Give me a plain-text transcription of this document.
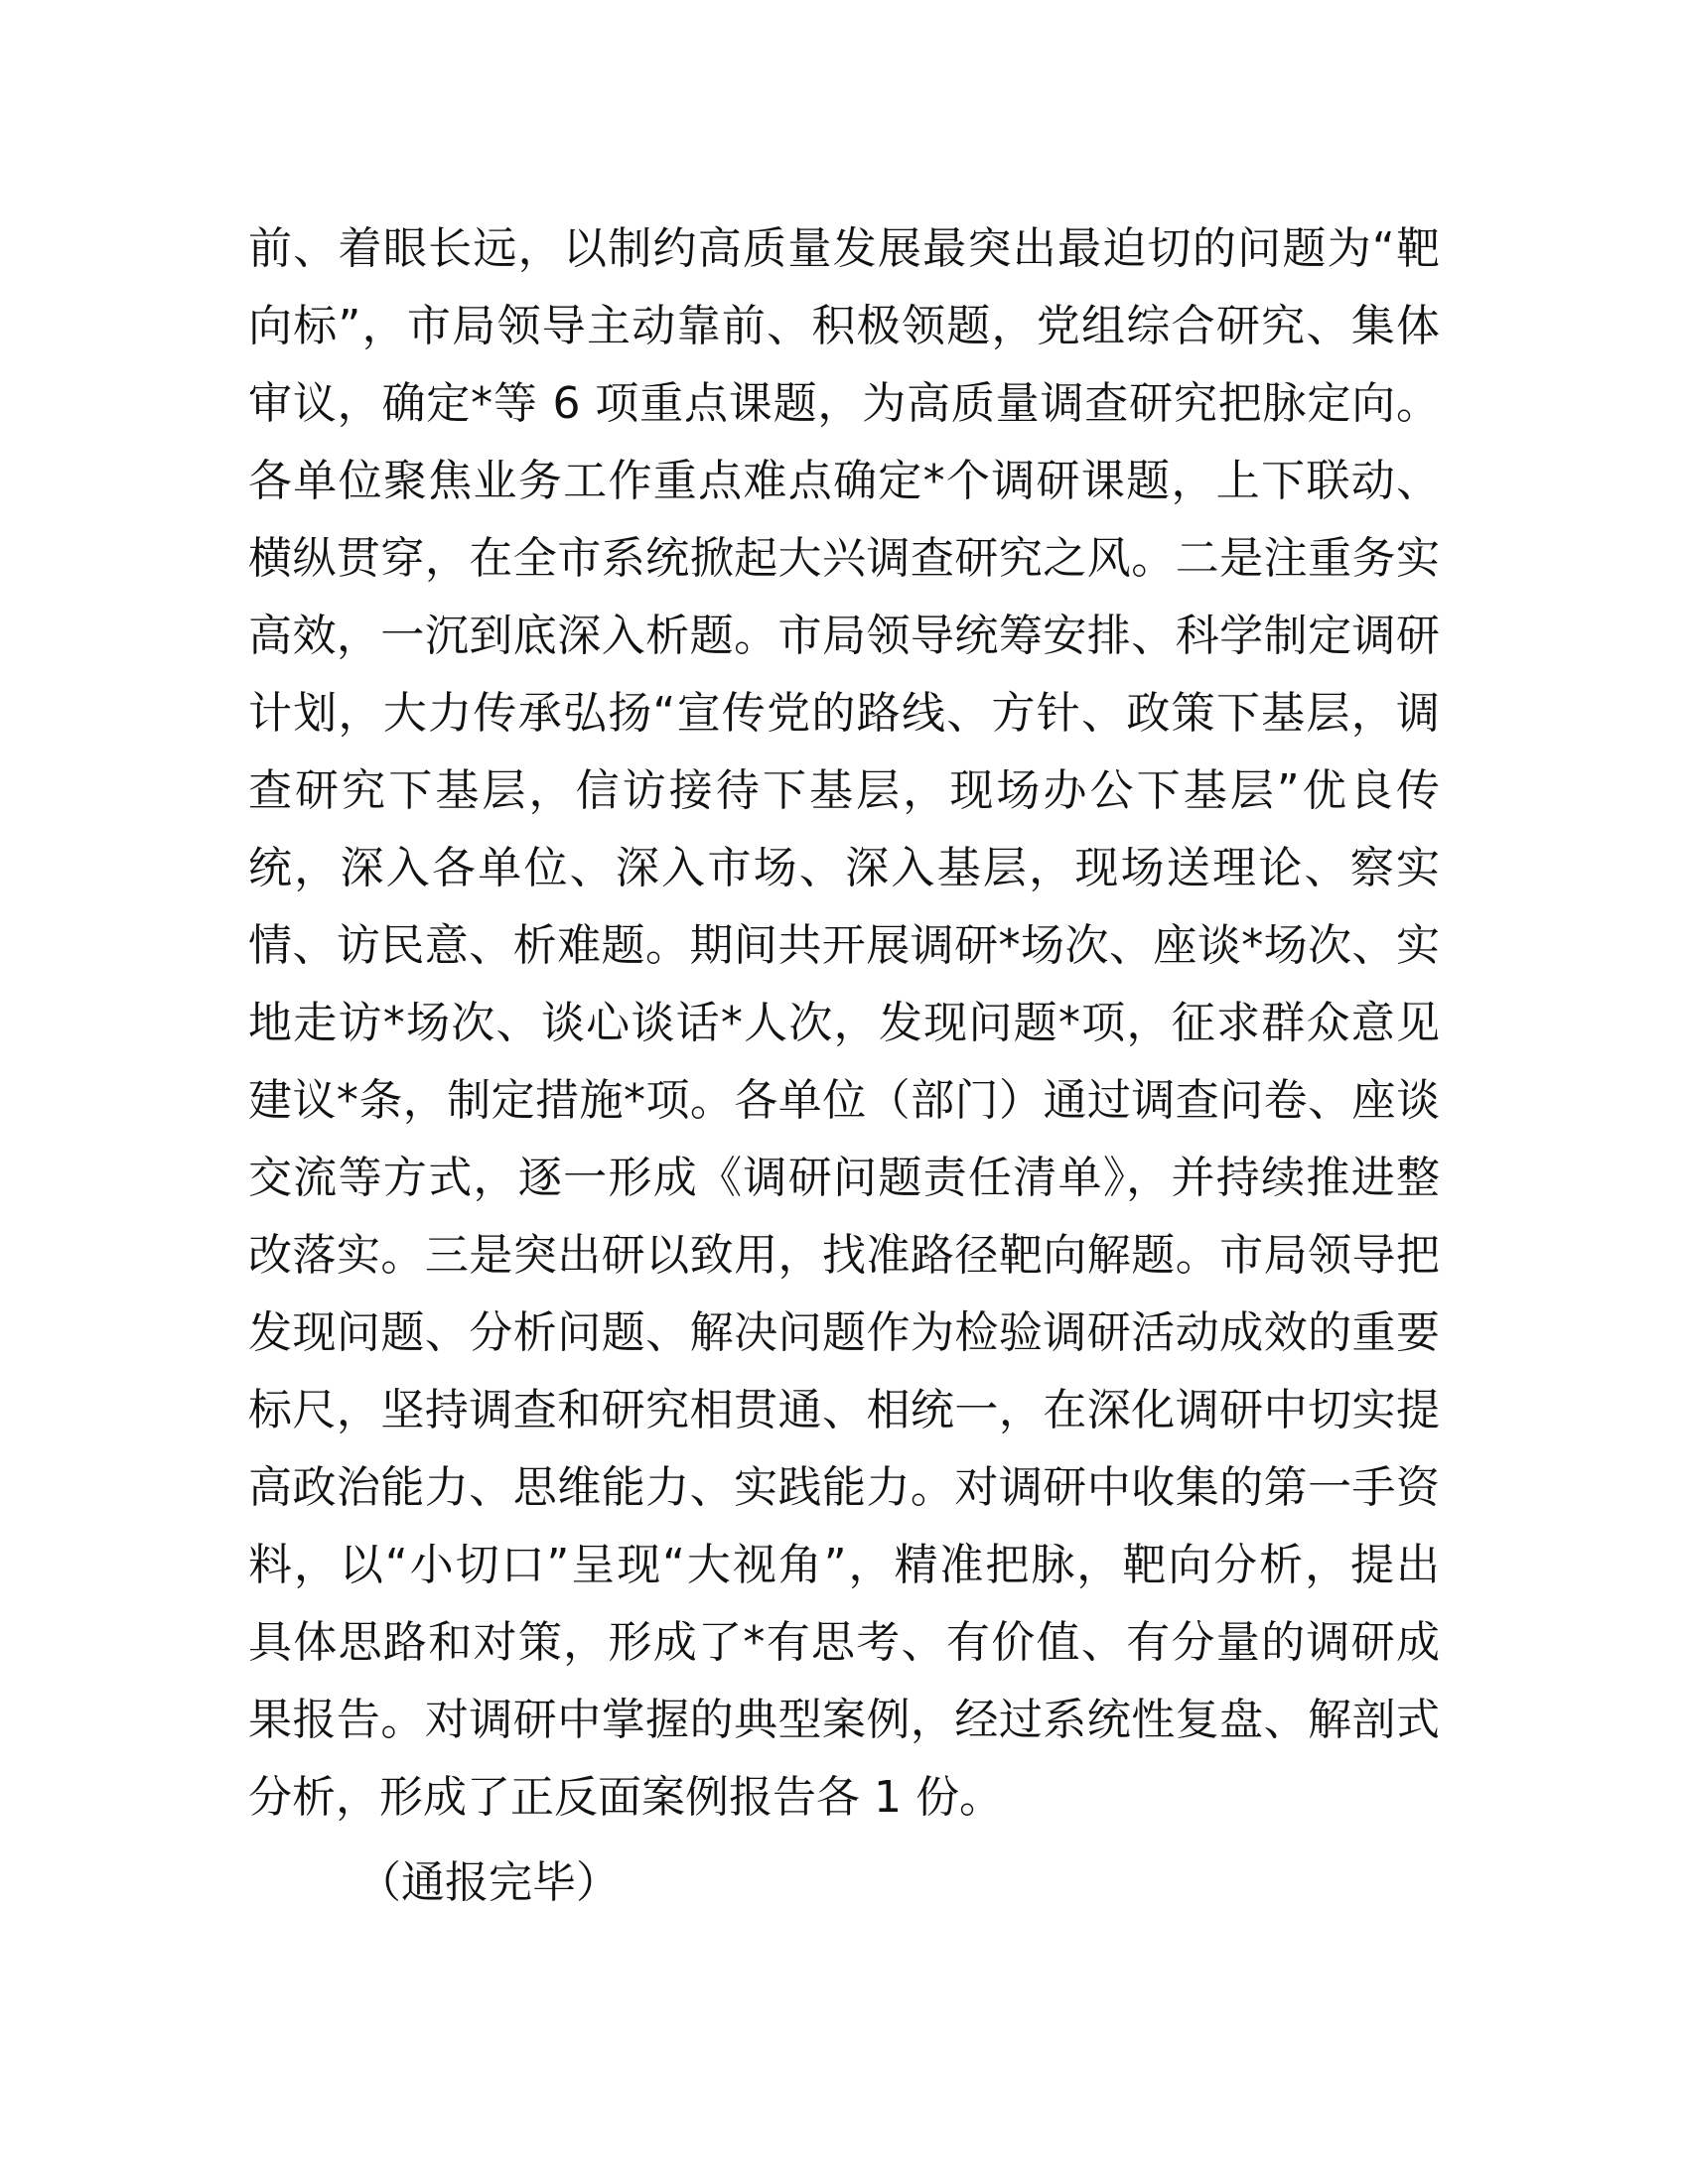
前、着眼长远，以制约高质量发展最突出最迫切的问题为“靶
向标”，市局领导主动靠前、积极领题，党组综合研究、集体
审议，确定*等 6 项重点课题，为高质量调查研究把脉定向。
各单位聚焦业务工作重点难点确定*个调研课题，上下联动、
横纵贯穿，在全市系统掀起大兴调查研究之风。二是注重务实
高效，一沉到底深入析题。市局领导统筹安排、科学制定调研
计划，大力传承弘扬“宣传党的路线、方针、政策下基层，调
查研究下基层，信访接待下基层，现场办公下基层”优良传
统，深入各单位、深入市场、深入基层，现场送理论、察实
情、访民意、析难题。期间共开展调研*场次、座谈*场次、实
地走访*场次、谈心谈话*人次，发现问题*项，征求群众意见
建议*条，制定措施*项。各单位（部门）通过调查问卷、座谈
交流等方式，逐一形成《调研问题责任清单》，并持续推进整
改落实。三是突出研以致用，找准路径靶向解题。市局领导把
发现问题、分析问题、解决问题作为检验调研活动成效的重要
标尺，坚持调查和研究相贯通、相统一，在深化调研中切实提
高政治能力、思维能力、实践能力。对调研中收集的第一手资
料，以“小切口”呈现“大视角”，精准把脉，靶向分析，提出
具体思路和对策，形成了*有思考、有价值、有分量的调研成
果报告。对调研中掌握的典型案例，经过系统性复盘、解剖式
分析，形成了正反面案例报告各 1 份。
（通报完毕）
